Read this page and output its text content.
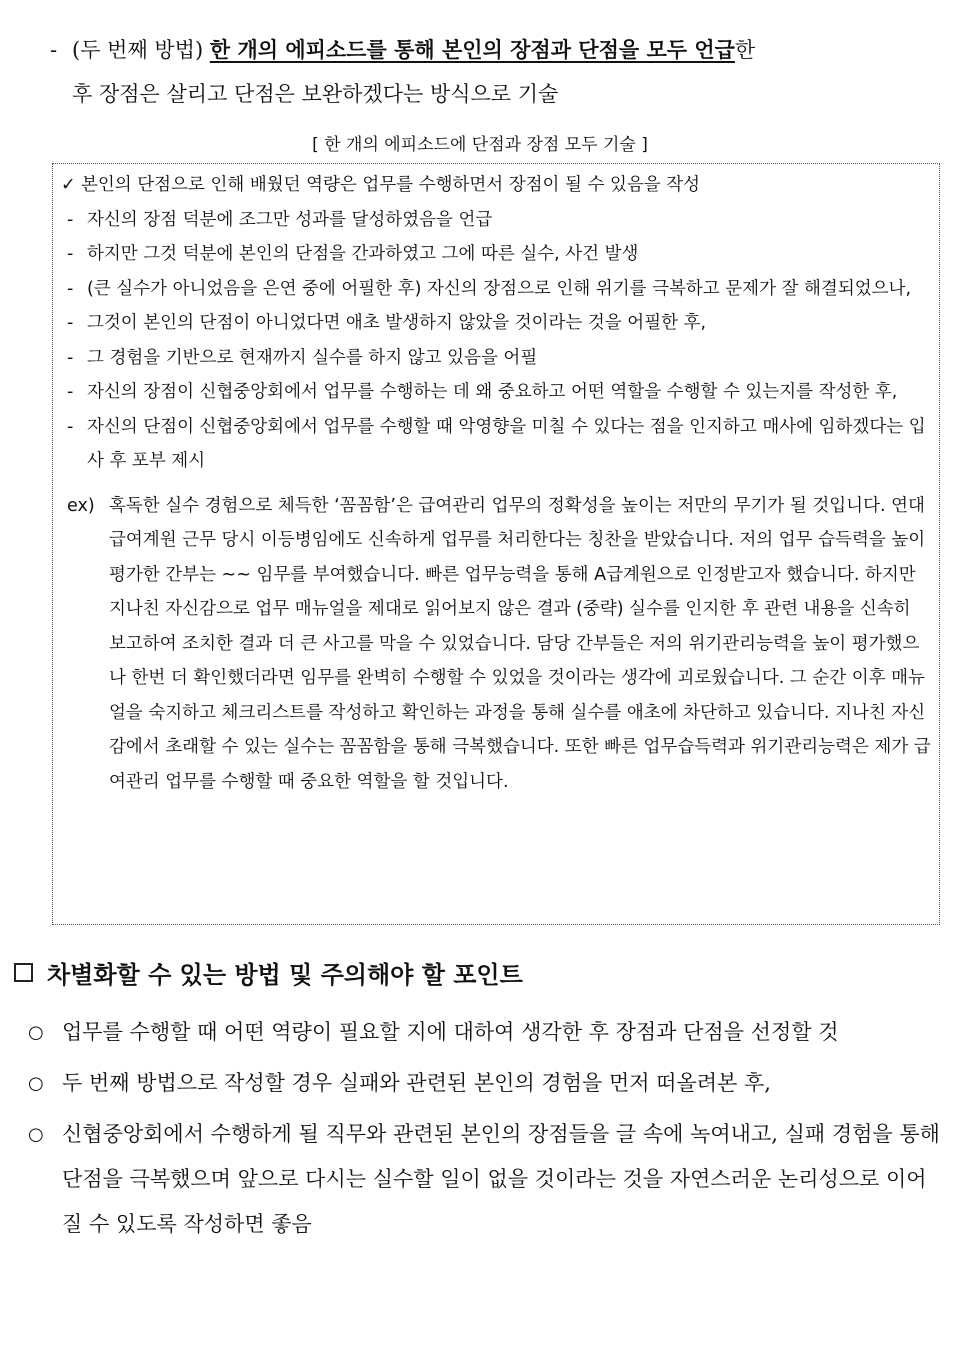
- (두 번째 방법) 한 개의 에피소드를 통해 본인의 장점과 단점을 모두 언급한
후 장점은 살리고 단점은 보완하겠다는 방식으로 기술
[ 한 개의 에피소드에 단점과 장점 모두 기술 ]
✓ 본인의 단점으로 인해 배웠던 역량은 업무를 수행하면서 장점이 될 수 있음을 작성
- 자신의 장점 덕분에 조그만 성과를 달성하였음을 언급
- 하지만 그것 덕분에 본인의 단점을 간과하였고 그에 따른 실수, 사건 발생
- (큰 실수가 아니었음을 은연 중에 어필한 후) 자신의 장점으로 인해 위기를 극복하고 문제가 잘 해결되었으나,
- 그것이 본인의 단점이 아니었다면 애초 발생하지 않았을 것이라는 것을 어필한 후,
- 그 경험을 기반으로 현재까지 실수를 하지 않고 있음을 어필
- 자신의 장점이 신협중앙회에서 업무를 수행하는 데 왜 중요하고 어떤 역할을 수행할 수 있는지를 작성한 후,
- 자신의 단점이 신협중앙회에서 업무를 수행할 때 악영향을 미칠 수 있다는 점을 인지하고 매사에 임하겠다는 입사 후 포부 제시
ex) 혹독한 실수 경험으로 체득한 ‘꼼꼼함’은 급여관리 업무의 정확성을 높이는 저만의 무기가 될 것입니다. 연대 급여계원 근무 당시 이등병임에도 신속하게 업무를 처리한다는 칭찬을 받았습니다. 저의 업무 습득력을 높이 평가한 간부는 ~~ 임무를 부여했습니다. 빠른 업무능력을 통해 A급계원으로 인정받고자 했습니다. 하지만 지나친 자신감으로 업무 매뉴얼을 제대로 읽어보지 않은 결과 (중략) 실수를 인지한 후 관련 내용을 신속히 보고하여 조치한 결과 더 큰 사고를 막을 수 있었습니다. 담당 간부들은 저의 위기관리능력을 높이 평가했으나 한번 더 확인했더라면 임무를 완벽히 수행할 수 있었을 것이라는 생각에 괴로웠습니다. 그 순간 이후 매뉴얼을 숙지하고 체크리스트를 작성하고 확인하는 과정을 통해 실수를 애초에 차단하고 있습니다. 지나친 자신감에서 초래할 수 있는 실수는 꼼꼼함을 통해 극복했습니다. 또한 빠른 업무습득력과 위기관리능력은 제가 급여관리 업무를 수행할 때 중요한 역할을 할 것입니다.
차별화할 수 있는 방법 및 주의해야 할 포인트
○ 업무를 수행할 때 어떤 역량이 필요할 지에 대하여 생각한 후 장점과 단점을 선정할 것
○ 두 번째 방법으로 작성할 경우 실패와 관련된 본인의 경험을 먼저 떠올려본 후,
○ 신협중앙회에서 수행하게 될 직무와 관련된 본인의 장점들을 글 속에 녹여내고, 실패 경험을 통해 단점을 극복했으며 앞으로 다시는 실수할 일이 없을 것이라는 것을 자연스러운 논리성으로 이어질 수 있도록 작성하면 좋음
